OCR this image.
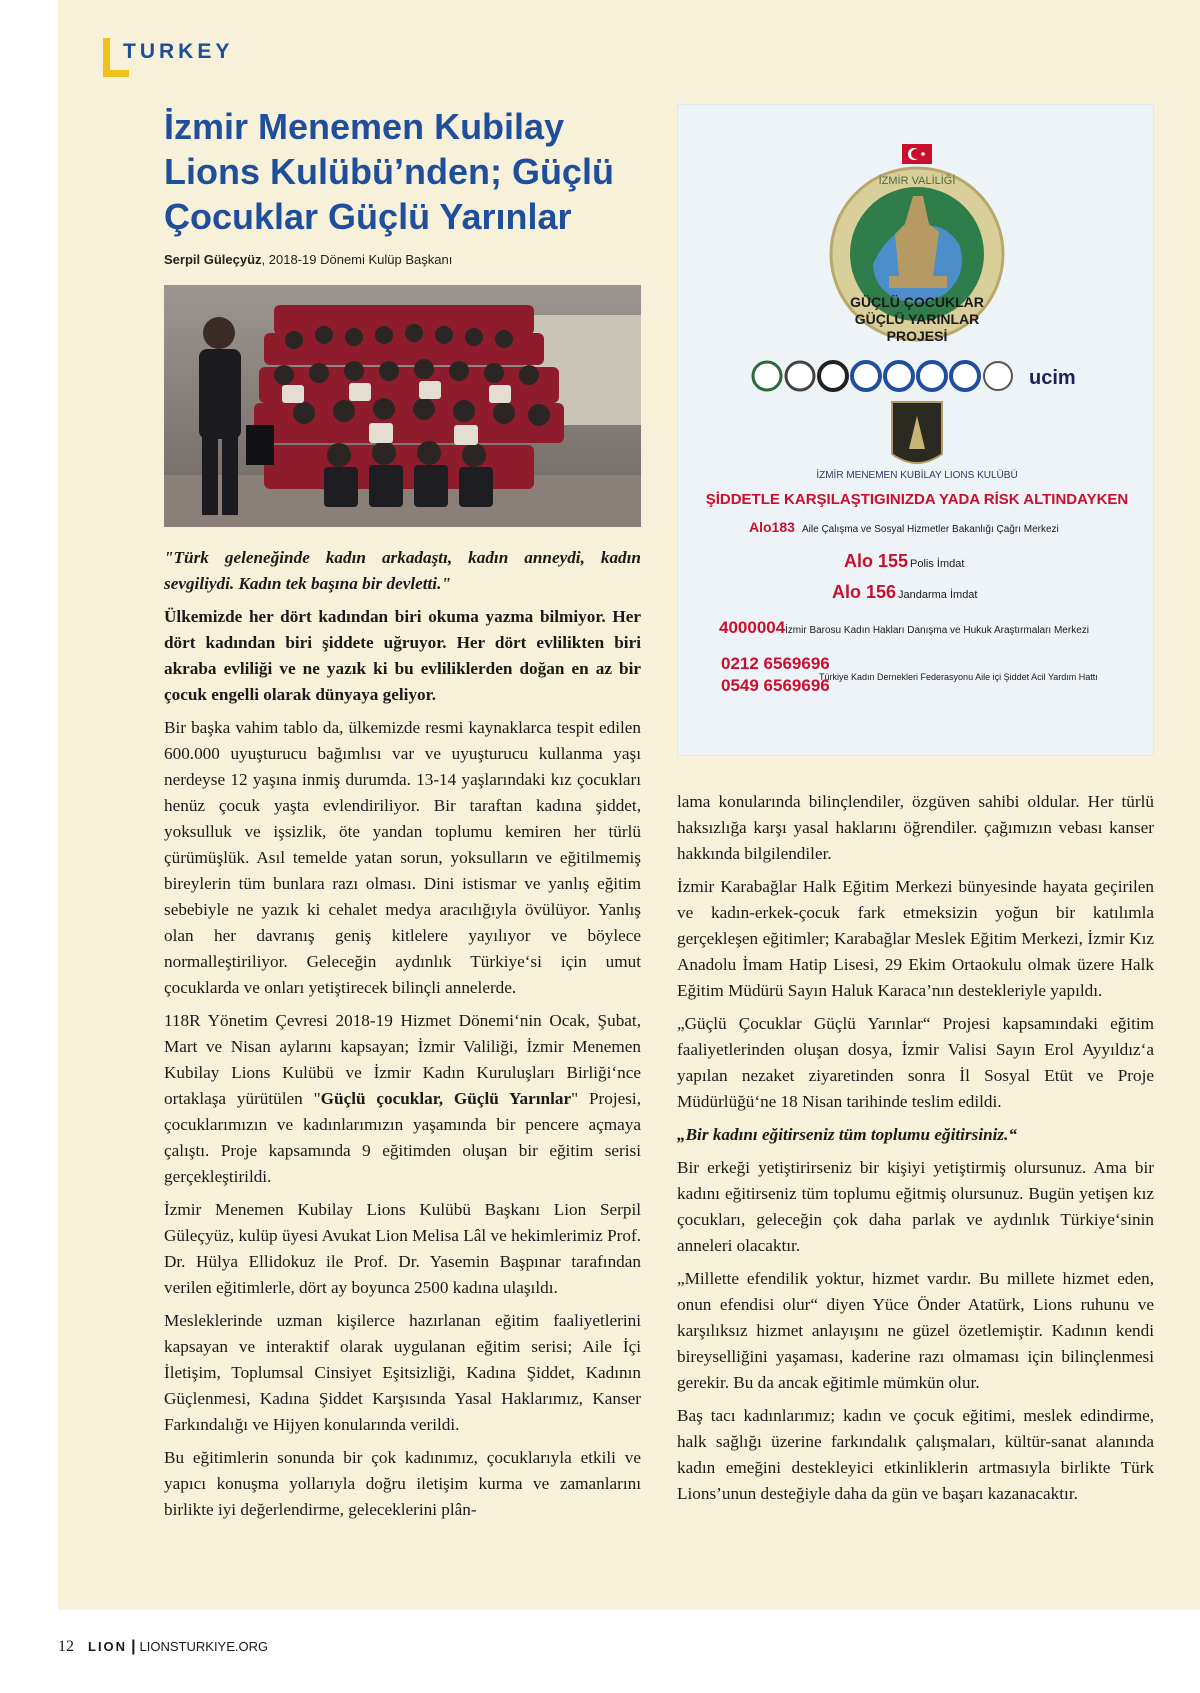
TURKEY
İzmir Menemen Kubilay Lions Kulübü’nden; Güçlü Çocuklar Güçlü Yarınlar
Serpil Güleçyüz, 2018-19 Dönemi Kulüp Başkanı
İZMİR VALİLİĞİ
GÜÇLÜ ÇOCUKLAR
GÜÇLÜ YARINLAR
PROJESİ
ucim
İZMİR MENEMEN KUBİLAY LIONS KULÜBÜ
ŞİDDETLE KARŞILAŞTIGINIZDA YADA RİSK ALTINDAYKEN
Alo183 Aile Çalışma ve Sosyal Hizmetler Bakanlığı Çağrı Merkezi
Alo 155 Polis İmdat
Alo 156 Jandarma İmdat
4000004 İzmir Barosu Kadın Hakları Danışma ve Hukuk Araştırmaları Merkezi
0212 6569696
0549 6569696
Türkiye Kadın Dernekleri Federasyonu Aile içi Şiddet Acil Yardım Hattı

"Türk geleneğinde kadın arkadaştı, kadın anneydi, kadın sevgiliydi. Kadın tek başına bir devletti."

Ülkemizde her dört kadından biri okuma yazma bilmiyor. Her dört kadından biri şiddete uğruyor. Her dört evlilikten biri akraba evliliği ve ne yazık ki bu evliliklerden doğan en az bir çocuk engelli olarak dünyaya geliyor.

Bir başka vahim tablo da, ülkemizde resmi kaynaklarca tespit edilen 600.000 uyuşturucu bağımlısı var ve uyuşturucu kullanma yaşı nerdeyse 12 yaşına inmiş durumda. 13-14 yaşlarındaki kız çocukları henüz çocuk yaşta evlendiriliyor. Bir taraftan kadına şiddet, yoksulluk ve işsizlik, öte yandan toplumu kemiren her türlü çürümüşlük. Asıl temelde yatan sorun, yoksulların ve eğitilmemiş bireylerin tüm bunlara razı olması. Dini istismar ve yanlış eğitim sebebiyle ne yazık ki cehalet medya aracılığıyla övülüyor. Yanlış olan her davranış geniş kitlelere yayılıyor ve böylece normalleştiriliyor. Geleceğin aydınlık Türkiye‘si için umut çocuklarda ve onları yetiştirecek bilinçli annelerde.

118R Yönetim Çevresi 2018-19 Hizmet Dönemi‘nin Ocak, Şubat, Mart ve Nisan aylarını kapsayan; İzmir Valiliği, İzmir Menemen Kubilay Lions Kulübü ve İzmir Kadın Kuruluşları Birliği‘nce ortaklaşa yürütülen "Güçlü çocuklar, Güçlü Yarınlar" Projesi, çocuklarımızın ve kadınlarımızın yaşamında bir pencere açmaya çalıştı. Proje kapsamında 9 eğitimden oluşan bir eğitim serisi gerçekleştirildi.

İzmir Menemen Kubilay Lions Kulübü Başkanı Lion Serpil Güleçyüz, kulüp üyesi Avukat Lion Melisa Lâl ve hekimlerimiz Prof. Dr. Hülya Ellidokuz ile Prof. Dr. Yasemin Başpınar tarafından verilen eğitimlerle, dört ay boyunca 2500 kadına ulaşıldı.

Mesleklerinde uzman kişilerce hazırlanan eğitim faaliyetlerini kapsayan ve interaktif olarak uygulanan eğitim serisi; Aile İçi İletişim, Toplumsal Cinsiyet Eşitsizliği, Kadına Şiddet, Kadının Güçlenmesi, Kadına Şiddet Karşısında Yasal Haklarımız, Kanser Farkındalığı ve Hijyen konularında verildi.

Bu eğitimlerin sonunda bir çok kadınımız, çocuklarıyla etkili ve yapıcı konuşma yollarıyla doğru iletişim kurma ve zamanlarını birlikte iyi değerlendirme, geleceklerini plân-

lama konularında bilinçlendiler, özgüven sahibi oldular. Her türlü haksızlığa karşı yasal haklarını öğrendiler. çağımızın vebası kanser hakkında bilgilendiler.

İzmir Karabağlar Halk Eğitim Merkezi bünyesinde hayata geçirilen ve kadın-erkek-çocuk fark etmeksizin yoğun bir katılımla gerçekleşen eğitimler; Karabağlar Meslek Eğitim Merkezi, İzmir Kız Anadolu İmam Hatip Lisesi, 29 Ekim Ortaokulu olmak üzere Halk Eğitim Müdürü Sayın Haluk Karaca’nın destekleriyle yapıldı.

„Güçlü Çocuklar Güçlü Yarınlar“ Projesi kapsamındaki eğitim faaliyetlerinden oluşan dosya, İzmir Valisi Sayın Erol Ayyıldız‘a yapılan nezaket ziyaretinden sonra İl Sosyal Etüt ve Proje Müdürlüğü‘ne 18 Nisan tarihinde teslim edildi.

„Bir kadını eğitirseniz tüm toplumu eğitirsiniz.“

Bir erkeği yetiştirirseniz bir kişiyi yetiştirmiş olursunuz. Ama bir kadını eğitirseniz tüm toplumu eğitmiş olursunuz. Bugün yetişen kız çocukları, geleceğin çok daha parlak ve aydınlık Türkiye‘sinin anneleri olacaktır.

„Millette efendilik yoktur, hizmet vardır. Bu millete hizmet eden, onun efendisi olur“ diyen Yüce Önder Atatürk, Lions ruhunu ve karşılıksız hizmet anlayışını ne güzel özetlemiştir. Kadının kendi bireyselliğini yaşaması, kaderine razı olmaması için bilinçlenmesi gerekir. Bu da ancak eğitimle mümkün olur.

Baş tacı kadınlarımız; kadın ve çocuk eğitimi, meslek edindirme, halk sağlığı üzerine farkındalık çalışmaları, kültür-sanat alanında kadın emeğini destekleyici etkinliklerin artmasıyla birlikte Türk Lions’unun desteğiyle daha da gün ve başarı kazanacaktır.

12 LION | LIONSTURKIYE.ORG
